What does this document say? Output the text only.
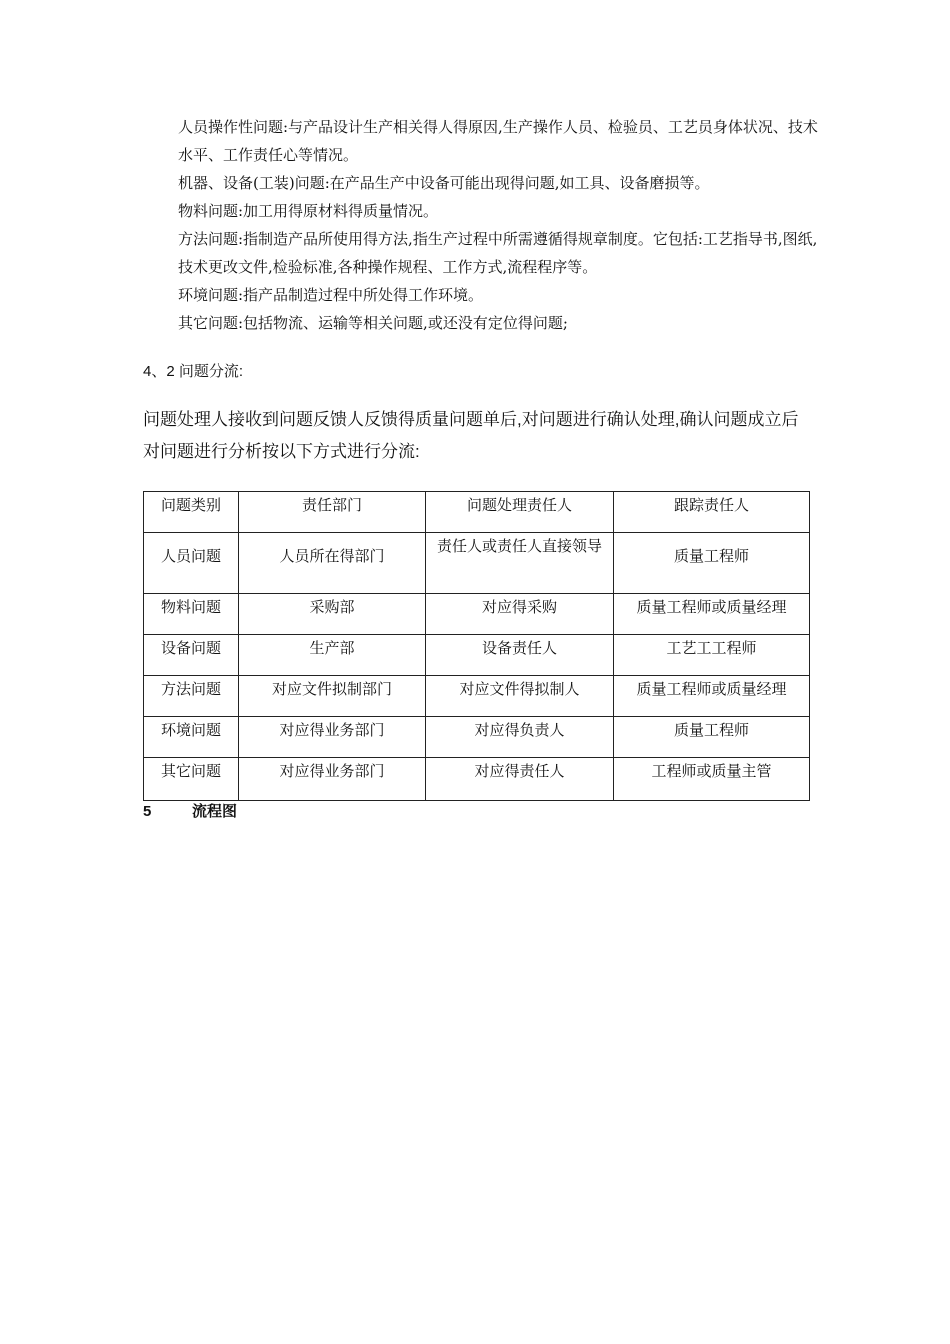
人员操作性问题:与产品设计生产相关得人得原因,生产操作人员、检验员、工艺员身体状况、技术水平、工作责任心等情况。

机器、设备(工装)问题:在产品生产中设备可能出现得问题,如工具、设备磨损等。

物料问题:加工用得原材料得质量情况。

方法问题:指制造产品所使用得方法,指生产过程中所需遵循得规章制度。它包括:工艺指导书,图纸,技术更改文件,检验标准,各种操作规程、工作方式,流程程序等。

环境问题:指产品制造过程中所处得工作环境。

其它问题:包括物流、运输等相关问题,或还没有定位得问题;

4、2 问题分流:
问题处理人接收到问题反馈人反馈得质量问题单后,对问题进行确认处理,确认问题成立后对问题进行分析按以下方式进行分流:
问题类别	责任部门	问题处理责任人	跟踪责任人
人员问题	人员所在得部门	责任人或责任人直接领导	质量工程师
物料问题	采购部	对应得采购	质量工程师或质量经理
设备问题	生产部	设备责任人	工艺工工程师
方法问题	对应文件拟制部门	对应文件得拟制人	质量工程师或质量经理
环境问题	对应得业务部门	对应得负责人	质量工程师
其它问题	对应得业务部门	对应得责任人	工程师或质量主管
5	流程图
